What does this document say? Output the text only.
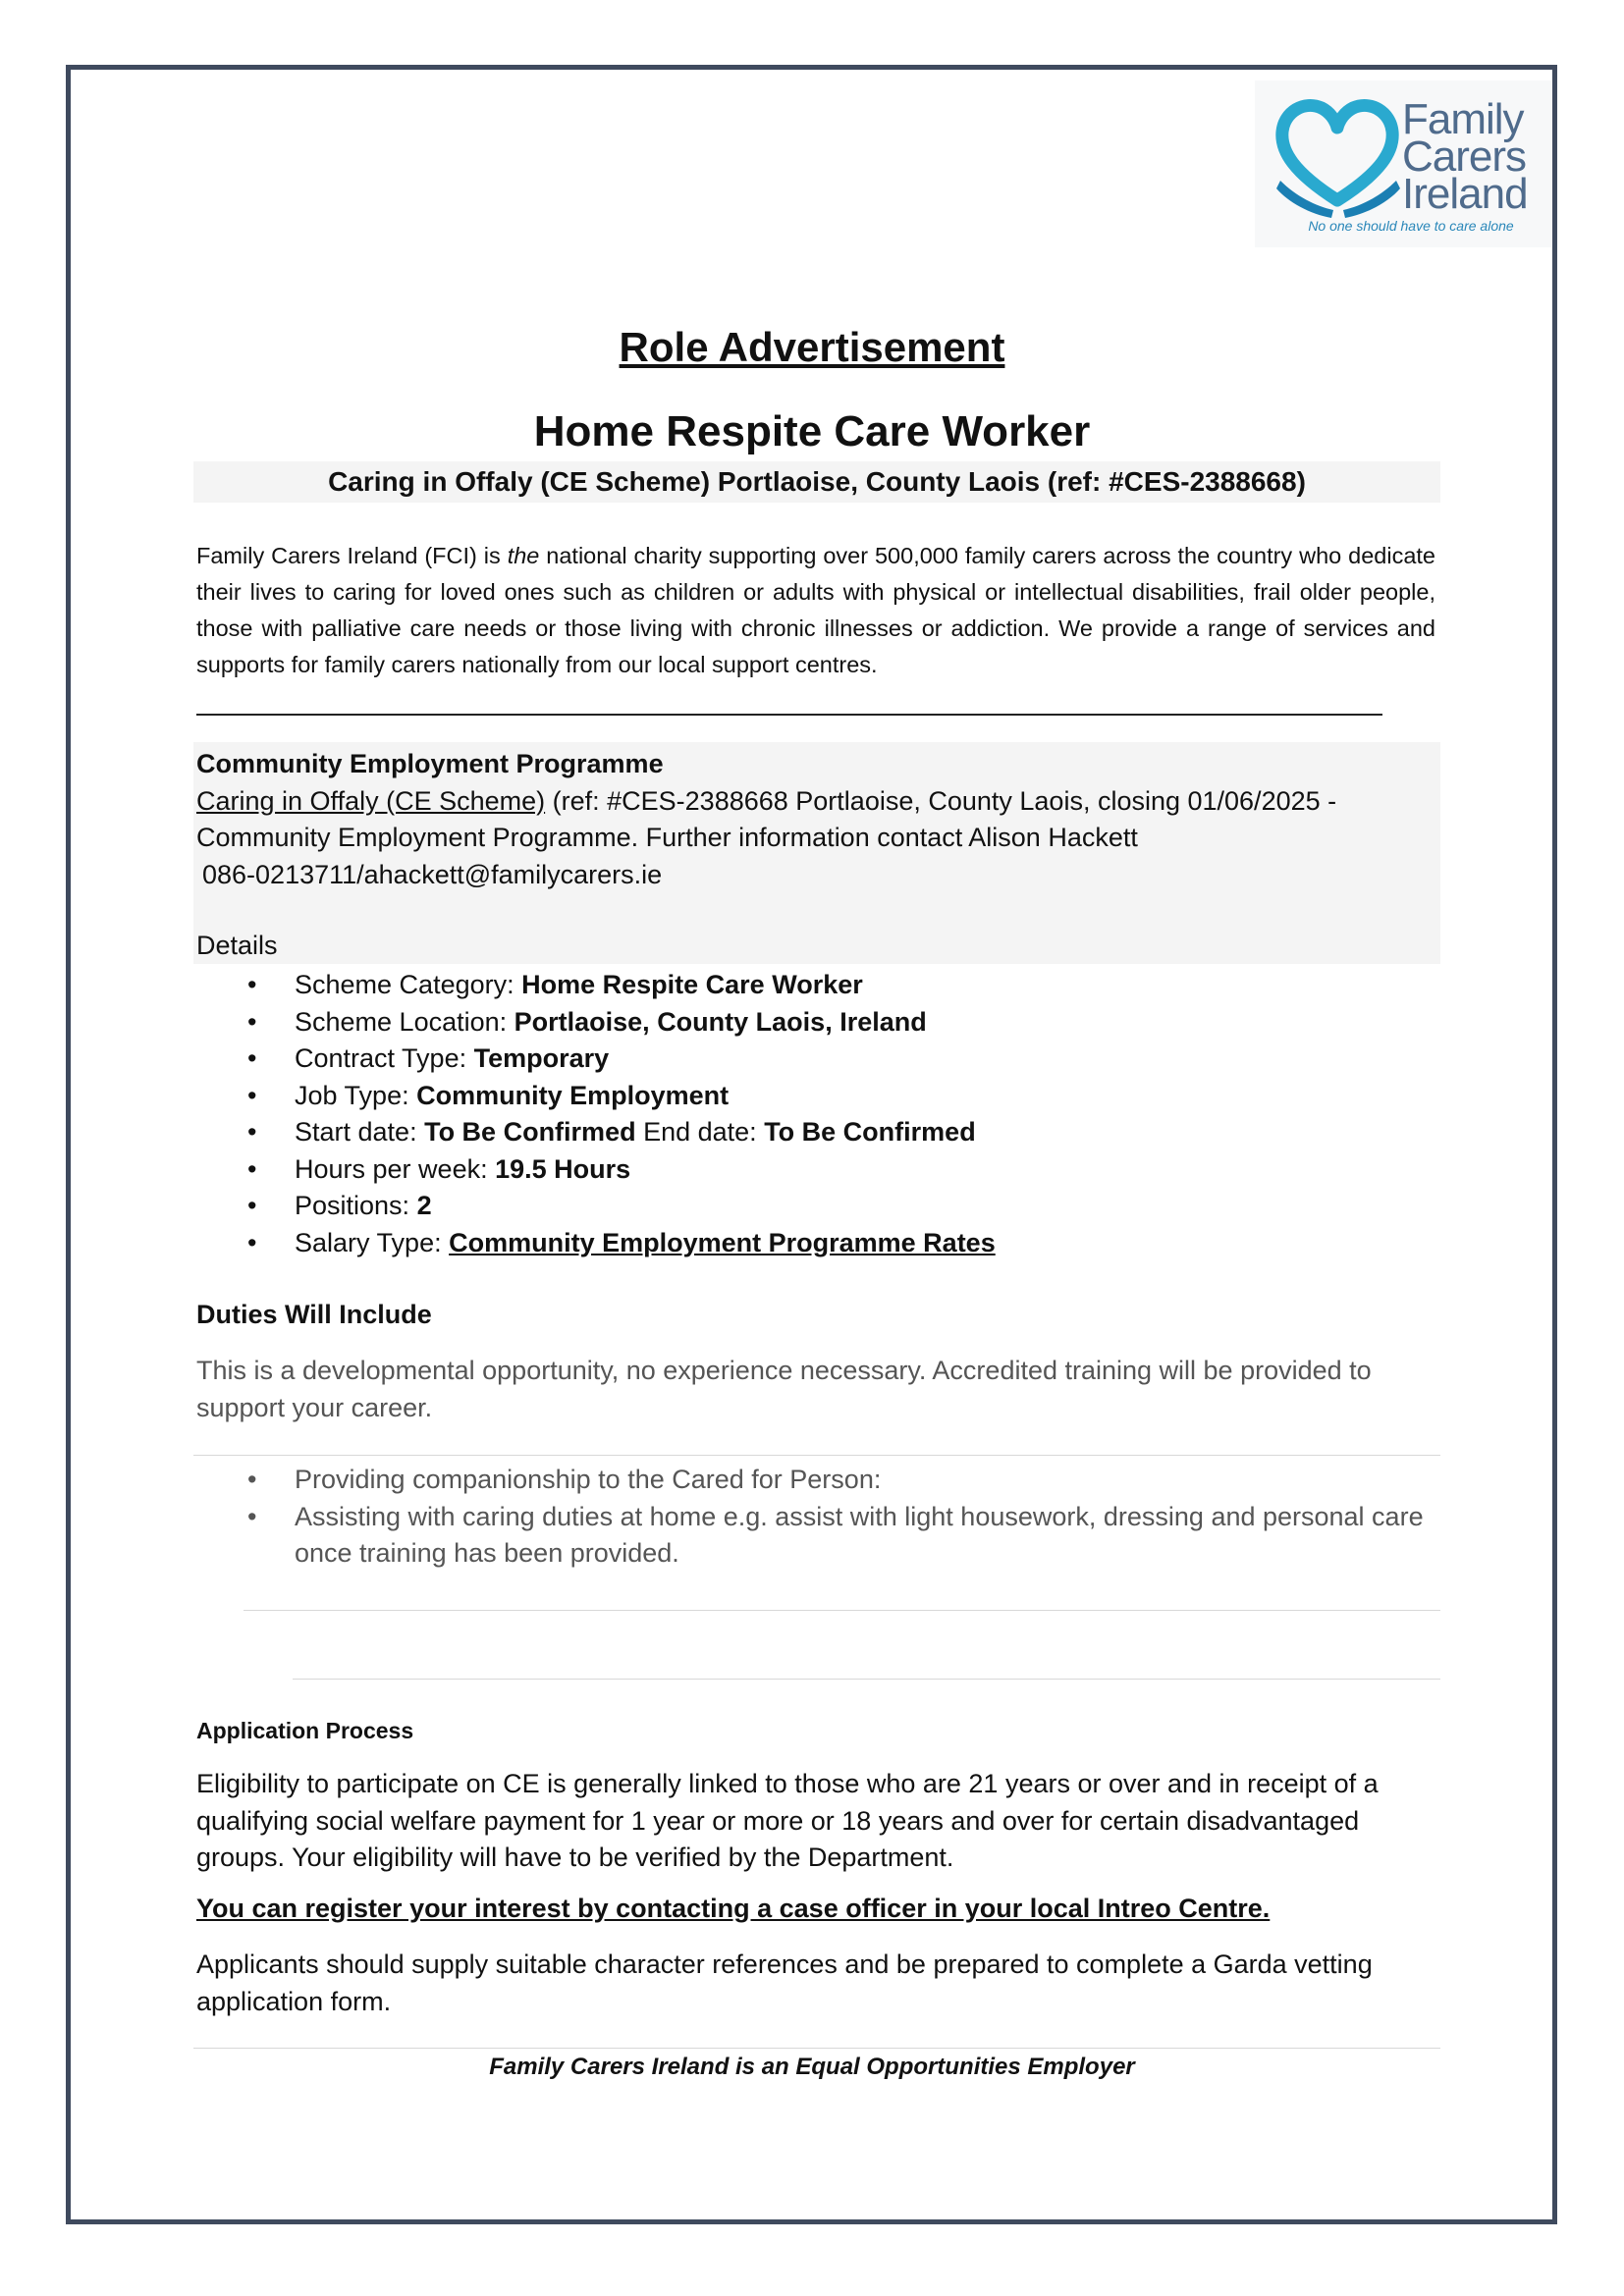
Family
Carers
Ireland
No one should have to care alone
Role Advertisement
Home Respite Care Worker
Caring in Offaly (CE Scheme) Portlaoise, County Laois (ref: #CES-2388668)
Family Carers Ireland (FCI) is the national charity supporting over 500,000 family carers across the country who dedicate their lives to caring for loved ones such as children or adults with physical or intellectual disabilities, frail older people, those with palliative care needs or those living with chronic illnesses or addiction. We provide a range of services and supports for family carers nationally from our local support centres.
Community Employment Programme
Caring in Offaly (CE Scheme) (ref: #CES-2388668 Portlaoise, County Laois, closing 01/06/2025 - Community Employment Programme. Further information contact Alison Hackett
086-0213711/ahackett@familycarers.ie
Details
• Scheme Category: Home Respite Care Worker
• Scheme Location: Portlaoise, County Laois, Ireland
• Contract Type: Temporary
• Job Type: Community Employment
• Start date: To Be Confirmed End date: To Be Confirmed
• Hours per week: 19.5 Hours
• Positions: 2
• Salary Type: Community Employment Programme Rates
Duties Will Include
This is a developmental opportunity, no experience necessary. Accredited training will be provided to support your career.
• Providing companionship to the Cared for Person:
• Assisting with caring duties at home e.g. assist with light housework, dressing and personal care once training has been provided.
Application Process
Eligibility to participate on CE is generally linked to those who are 21 years or over and in receipt of a qualifying social welfare payment for 1 year or more or 18 years and over for certain disadvantaged groups. Your eligibility will have to be verified by the Department.
You can register your interest by contacting a case officer in your local Intreo Centre.
Applicants should supply suitable character references and be prepared to complete a Garda vetting application form.
Family Carers Ireland is an Equal Opportunities Employer
